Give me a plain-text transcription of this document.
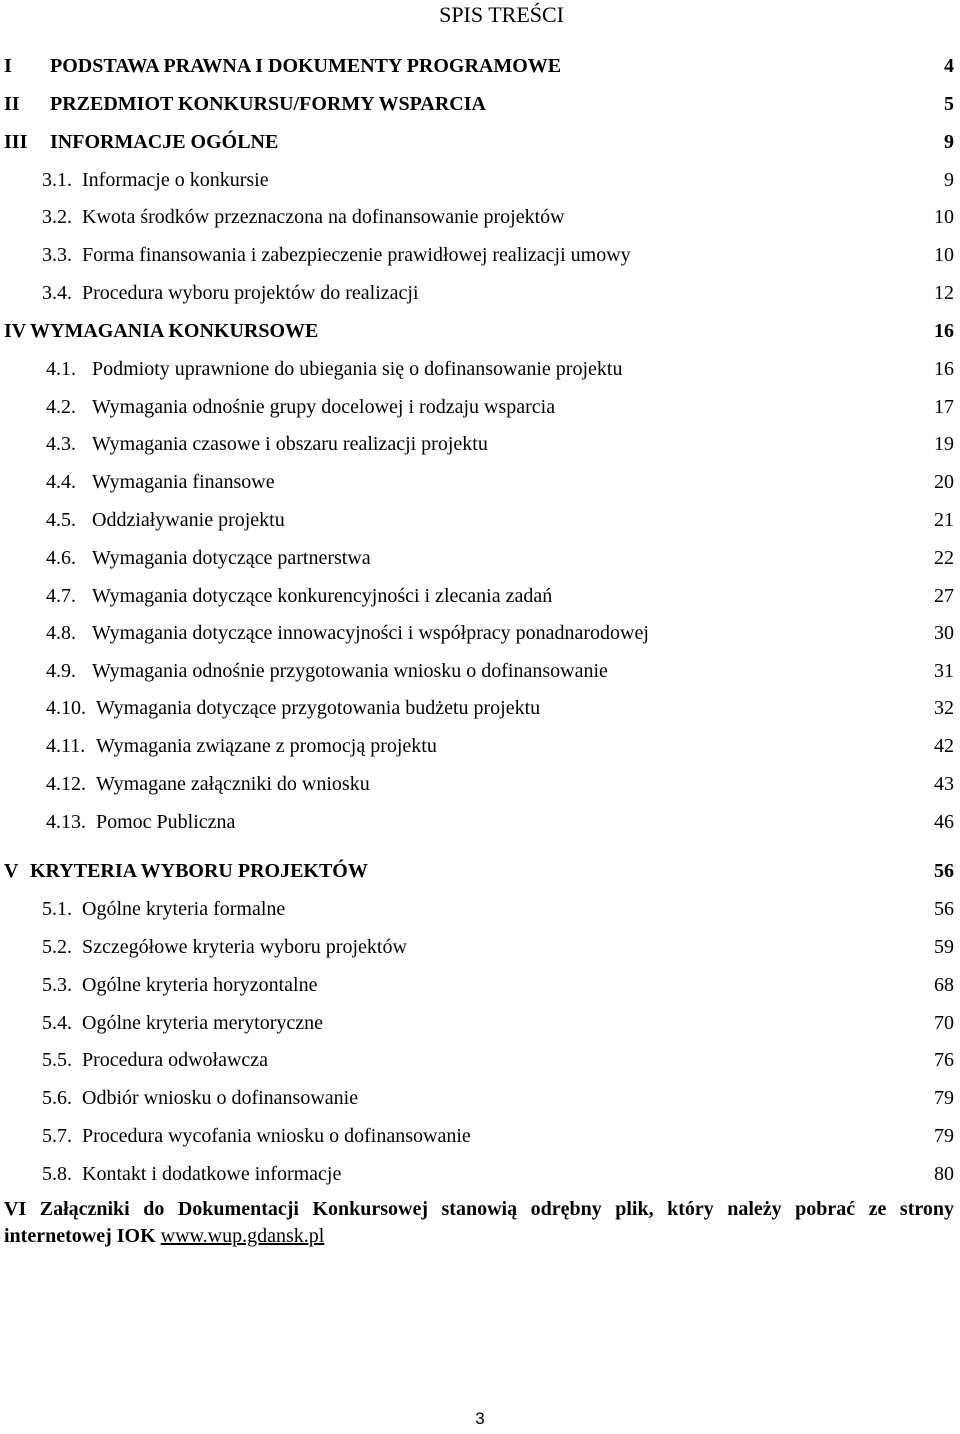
SPIS TREŚCI
I PODSTAWA PRAWNA I DOKUMENTY PROGRAMOWE	4
II PRZEDMIOT KONKURSU/FORMY WSPARCIA	5
III INFORMACJE OGÓLNE	9
3.1. Informacje o konkursie	9
3.2. Kwota środków przeznaczona na dofinansowanie projektów	10
3.3. Forma finansowania i zabezpieczenie prawidłowej realizacji umowy	10
3.4. Procedura wyboru projektów do realizacji	12
IV WYMAGANIA KONKURSOWE	16
4.1. Podmioty uprawnione do ubiegania się o dofinansowanie projektu	16
4.2. Wymagania odnośnie grupy docelowej i rodzaju wsparcia	17
4.3. Wymagania czasowe i obszaru realizacji projektu	19
4.4. Wymagania finansowe	20
4.5. Oddziaływanie projektu	21
4.6. Wymagania dotyczące partnerstwa	22
4.7. Wymagania dotyczące konkurencyjności i zlecania zadań	27
4.8. Wymagania dotyczące innowacyjności i współpracy ponadnarodowej	30
4.9. Wymagania odnośnie przygotowania wniosku o dofinansowanie	31
4.10. Wymagania dotyczące przygotowania budżetu projektu	32
4.11. Wymagania związane z promocją projektu	42
4.12. Wymagane załączniki do wniosku	43
4.13. Pomoc Publiczna	46
V KRYTERIA WYBORU PROJEKTÓW	56
5.1. Ogólne kryteria formalne	56
5.2. Szczegółowe kryteria wyboru projektów	59
5.3. Ogólne kryteria horyzontalne	68
5.4. Ogólne kryteria merytoryczne	70
5.5. Procedura odwoławcza	76
5.6. Odbiór wniosku o dofinansowanie	79
5.7. Procedura wycofania wniosku o dofinansowanie	79
5.8. Kontakt i dodatkowe informacje	80
VI Załączniki do Dokumentacji Konkursowej stanowią odrębny plik, który należy pobrać ze strony internetowej IOK www.wup.gdansk.pl
3
